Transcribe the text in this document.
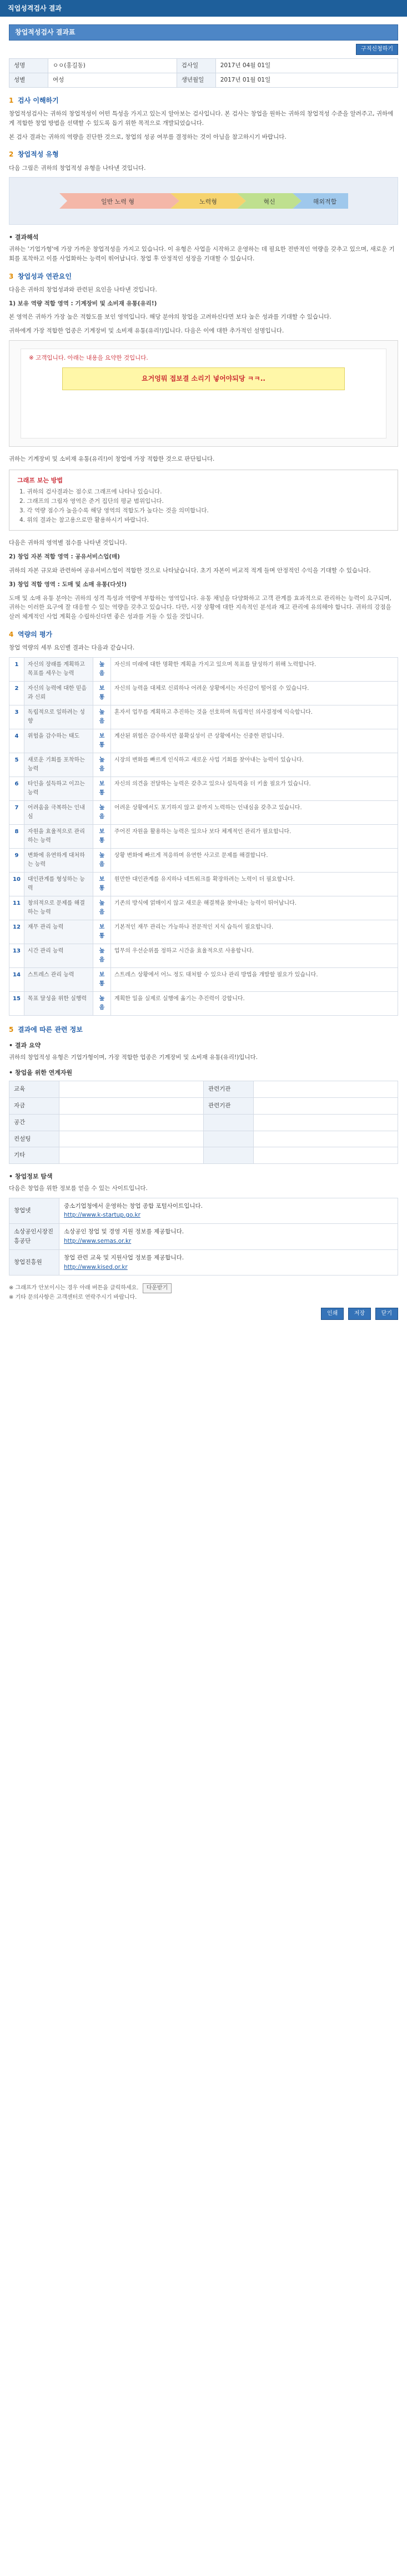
직업성격검사 결과
창업적성검사 결과표
구직신청하기
성명	ㅇㅇ(홍길동)	검사일	2017년 04월 01일
성별	여성	생년월일	2017년 01월 01일
1 검사 이해하기

창업적성검사는 귀하의 창업적성이 어떤 특성을 가지고 있는지 알아보는 검사입니다. 본 검사는 창업을 원하는 귀하의 창업적성 수준을 알려주고, 귀하에게 적합한 창업 방법을 선택할 수 있도록 돕기 위한 목적으로 개발되었습니다.

본 검사 결과는 귀하의 역량을 진단한 것으로, 창업의 성공 여부를 결정하는 것이 아님을 참고하시기 바랍니다.

2 창업적성 유형

다음 그림은 귀하의 창업적성 유형을 나타낸 것입니다.

일반 노력 형	노력형	혁신	해외적합
• 결과해석

귀하는 '기업가형'에 가장 가까운 창업적성을 가지고 있습니다. 이 유형은 사업을 시작하고 운영하는 데 필요한 전반적인 역량을 갖추고 있으며, 새로운 기회를 포착하고 이를 사업화하는 능력이 뛰어납니다. 창업 후 안정적인 성장을 기대할 수 있습니다.

3 창업성과 연관요인

다음은 귀하의 창업성과와 관련된 요인을 나타낸 것입니다.

1) 보유 역량 적합 영역 : 기계장비 및 소비재 유통(유리!)

본 영역은 귀하가 가장 높은 적합도를 보인 영역입니다. 해당 분야의 창업을 고려하신다면 보다 높은 성과를 기대할 수 있습니다.

귀하에게 가장 적합한 업종은 기계장비 및 소비재 유통(유리!)입니다. 다음은 이에 대한 추가적인 설명입니다.

※ 고객입니다. 아래는 내용을 요약한 것입니다.
요거엉뭐 접보결 소리기 넣어야되당 ㅋㅋ..

귀하는 기계장비 및 소비재 유통(유리!)이 창업에 가장 적합한 것으로 판단됩니다.

그래프 보는 방법
1. 귀하의 검사결과는 점수로 그래프에 나타나 있습니다.
2. 그래프의 그림자 영역은 준거 집단의 평균 범위입니다.
3. 각 역량 점수가 높을수록 해당 영역의 적합도가 높다는 것을 의미합니다.
4. 위의 결과는 참고용으로만 활용하시기 바랍니다.

다음은 귀하의 영역별 점수를 나타낸 것입니다.

2) 창업 자본 적합 영역 : 공유서비스업(매)

귀하의 자본 규모와 관련하여 공유서비스업이 적합한 것으로 나타났습니다. 초기 자본이 비교적 적게 들며 안정적인 수익을 기대할 수 있습니다.

3) 창업 적합 영역 : 도매 및 소매 유통(다섯!)

도매 및 소매 유통 분야는 귀하의 성격 특성과 역량에 부합하는 영역입니다. 유통 채널을 다양화하고 고객 관계를 효과적으로 관리하는 능력이 요구되며, 귀하는 이러한 요구에 잘 대응할 수 있는 역량을 갖추고 있습니다. 다만, 시장 상황에 대한 지속적인 분석과 재고 관리에 유의해야 합니다. 귀하의 강점을 살려 체계적인 사업 계획을 수립하신다면 좋은 성과를 거둘 수 있을 것입니다.

4 역량의 평가

창업 역량의 세부 요인별 결과는 다음과 같습니다.

1	자신의 장래를 계획하고 목표를 세우는 능력	높음	자신의 미래에 대한 명확한 계획을 가지고 있으며 목표를 달성하기 위해 노력합니다.
2	자신의 능력에 대한 믿음과 신뢰	보통	자신의 능력을 대체로 신뢰하나 어려운 상황에서는 자신감이 떨어질 수 있습니다.
3	독립적으로 일하려는 성향	높음	혼자서 업무를 계획하고 추진하는 것을 선호하며 독립적인 의사결정에 익숙합니다.
4	위험을 감수하는 태도	보통	계산된 위험은 감수하지만 불확실성이 큰 상황에서는 신중한 편입니다.
5	새로운 기회를 포착하는 능력	높음	시장의 변화를 빠르게 인식하고 새로운 사업 기회를 찾아내는 능력이 있습니다.
6	타인을 설득하고 이끄는 능력	보통	자신의 의견을 전달하는 능력은 갖추고 있으나 설득력을 더 키울 필요가 있습니다.
7	어려움을 극복하는 인내심	높음	어려운 상황에서도 포기하지 않고 끝까지 노력하는 인내심을 갖추고 있습니다.
8	자원을 효율적으로 관리하는 능력	보통	주어진 자원을 활용하는 능력은 있으나 보다 체계적인 관리가 필요합니다.
9	변화에 유연하게 대처하는 능력	높음	상황 변화에 빠르게 적응하며 유연한 사고로 문제를 해결합니다.
10	대인관계를 형성하는 능력	보통	원만한 대인관계를 유지하나 네트워크를 확장하려는 노력이 더 필요합니다.
11	창의적으로 문제를 해결하는 능력	높음	기존의 방식에 얽매이지 않고 새로운 해결책을 찾아내는 능력이 뛰어납니다.
12	재무 관리 능력	보통	기본적인 재무 관리는 가능하나 전문적인 지식 습득이 필요합니다.
13	시간 관리 능력	높음	업무의 우선순위를 정하고 시간을 효율적으로 사용합니다.
14	스트레스 관리 능력	보통	스트레스 상황에서 어느 정도 대처할 수 있으나 관리 방법을 개발할 필요가 있습니다.
15	목표 달성을 위한 실행력	높음	계획한 일을 실제로 실행에 옮기는 추진력이 강합니다.
5 결과에 따른 관련 정보
• 결과 요약

귀하의 창업적성 유형은 기업가형이며, 가장 적합한 업종은 기계장비 및 소비재 유통(유리!)입니다.

• 창업을 위한 연계자원
교육		관련기관	
자금		관련기관	
공간			
컨설팅			
기타			
• 창업정보 탐색

다음은 창업을 위한 정보를 얻을 수 있는 사이트입니다.

창업넷	중소기업청에서 운영하는 창업 종합 포털사이트입니다.
http://www.k-startup.go.kr
소상공인시장진흥공단	소상공인 창업 및 경영 지원 정보를 제공합니다.
http://www.semas.or.kr
창업진흥원	창업 관련 교육 및 지원사업 정보를 제공합니다.
http://www.kised.or.kr
※ 그래프가 안보이시는 경우 아래 버튼을 클릭하세요. 다운받기
※ 기타 문의사항은 고객센터로 연락주시기 바랍니다.
인쇄	저장	닫기
